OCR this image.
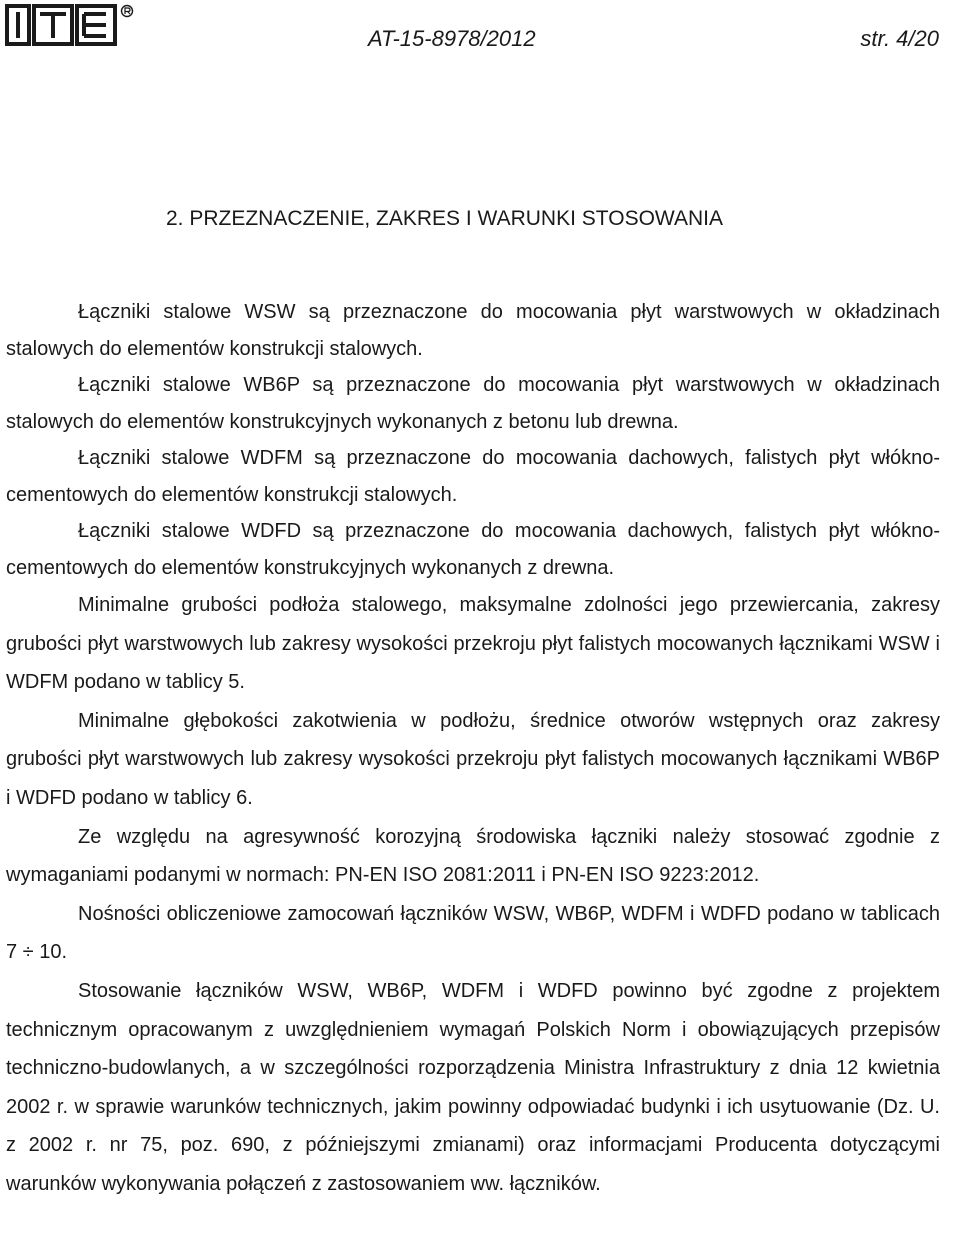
AT-15-8978/2012	str. 4/20
2. PRZEZNACZENIE, ZAKRES I WARUNKI STOSOWANIA

Łączniki stalowe WSW są przeznaczone do mocowania płyt warstwowych w okładzinach stalowych do elementów konstrukcji stalowych.

Łączniki stalowe WB6P są przeznaczone do mocowania płyt warstwowych w okładzinach stalowych do elementów konstrukcyjnych wykonanych z betonu lub drewna.

Łączniki stalowe WDFM są przeznaczone do mocowania dachowych, falistych płyt włókno-cementowych do elementów konstrukcji stalowych.

Łączniki stalowe WDFD są przeznaczone do mocowania dachowych, falistych płyt włókno-cementowych do elementów konstrukcyjnych wykonanych z drewna.

Minimalne grubości podłoża stalowego, maksymalne zdolności jego przewiercania, zakresy grubości płyt warstwowych lub zakresy wysokości przekroju płyt falistych mocowanych łącznikami WSW i WDFM podano w tablicy 5.

Minimalne głębokości zakotwienia w podłożu, średnice otworów wstępnych oraz zakresy grubości płyt warstwowych lub zakresy wysokości przekroju płyt falistych mocowanych łącznikami WB6P i WDFD podano w tablicy 6.

Ze względu na agresywność korozyjną środowiska łączniki należy stosować zgodnie z wymaganiami podanymi w normach: PN-EN ISO 2081:2011 i PN-EN ISO 9223:2012.

Nośności obliczeniowe zamocowań łączników WSW, WB6P, WDFM i WDFD podano w tablicach 7 ÷ 10.

Stosowanie łączników WSW, WB6P, WDFM i WDFD powinno być zgodne z projektem technicznym opracowanym z uwzględnieniem wymagań Polskich Norm i obowiązujących przepisów techniczno-budowlanych, a w szczególności rozporządzenia Ministra Infrastruktury z dnia 12 kwietnia 2002 r. w sprawie warunków technicznych, jakim powinny odpowiadać budynki i ich usytuowanie (Dz. U. z 2002 r. nr 75, poz. 690, z późniejszymi zmianami) oraz informacjami Producenta dotyczącymi warunków wykonywania połączeń z zastosowaniem ww. łączników.
